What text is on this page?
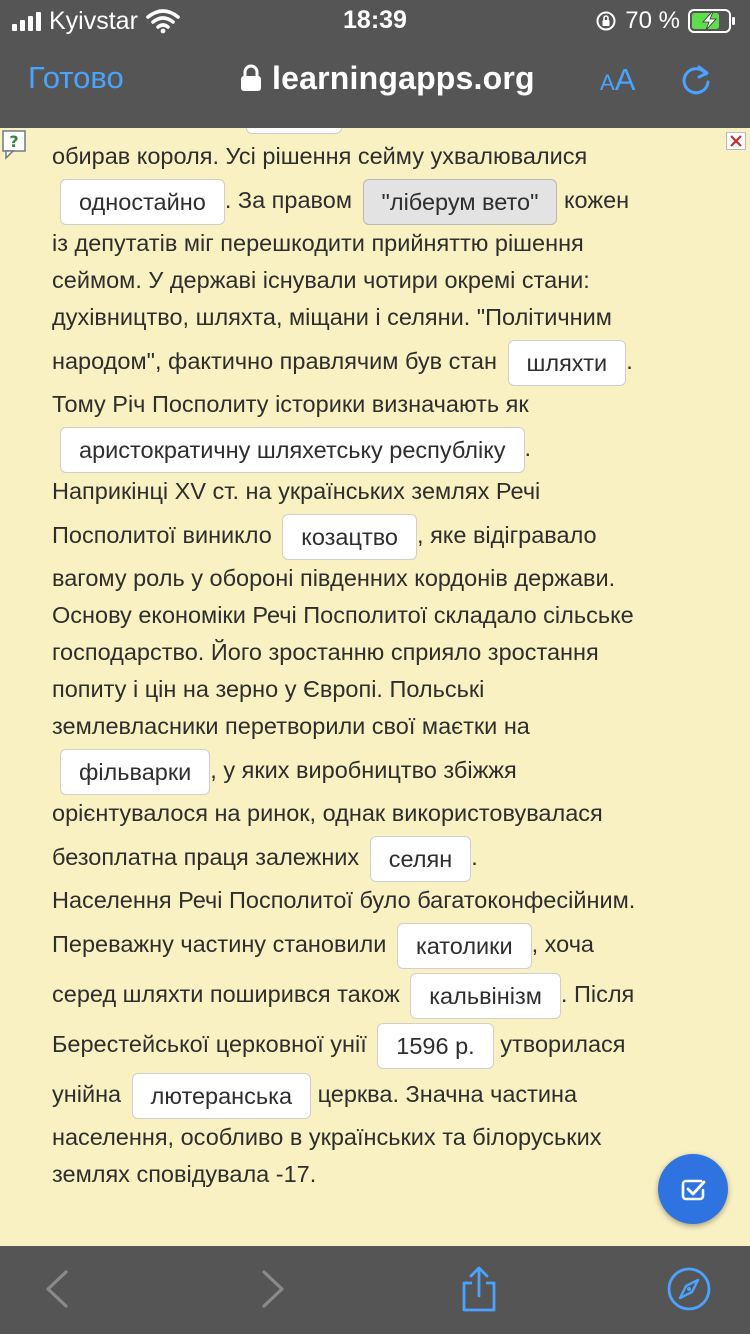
Kyivstar	18:39	70 %
Готово	learningapps.org	AA
?
обирав короля. Усі рішення сейму ухвалювалися
одностайно . За правом "ліберум вето" кожен
із депутатів міг перешкодити прийняттю рішення
сеймом. У державі існували чотири окремі стани:
духівництво, шляхта, міщани і селяни. "Політичним
народом", фактично правлячим був стан шляхти .
Тому Річ Посполиту історики визначають як
аристократичну шляхетську республіку .
Наприкінці XV ст. на українських землях Речі
Посполитої виникло козацтво , яке відігравало
вагому роль у обороні південних кордонів держави.
Основу економіки Речі Посполитої складало сільське
господарство. Його зростанню сприяло зростання
попиту і цін на зерно у Європі. Польські
землевласники перетворили свої маєтки на
фільварки , у яких виробництво збіжжя
орієнтувалося на ринок, однак використовувалася
безоплатна праця залежних селян .
Населення Речі Посполитої було багатоконфесійним.
Переважну частину становили католики , хоча
серед шляхти поширився також кальвінізм . Після
Берестейської церковної унії 1596 р. утворилася
унійна лютеранська церква. Значна частина
населення, особливо в українських та білоруських
землях сповідувала -17.
